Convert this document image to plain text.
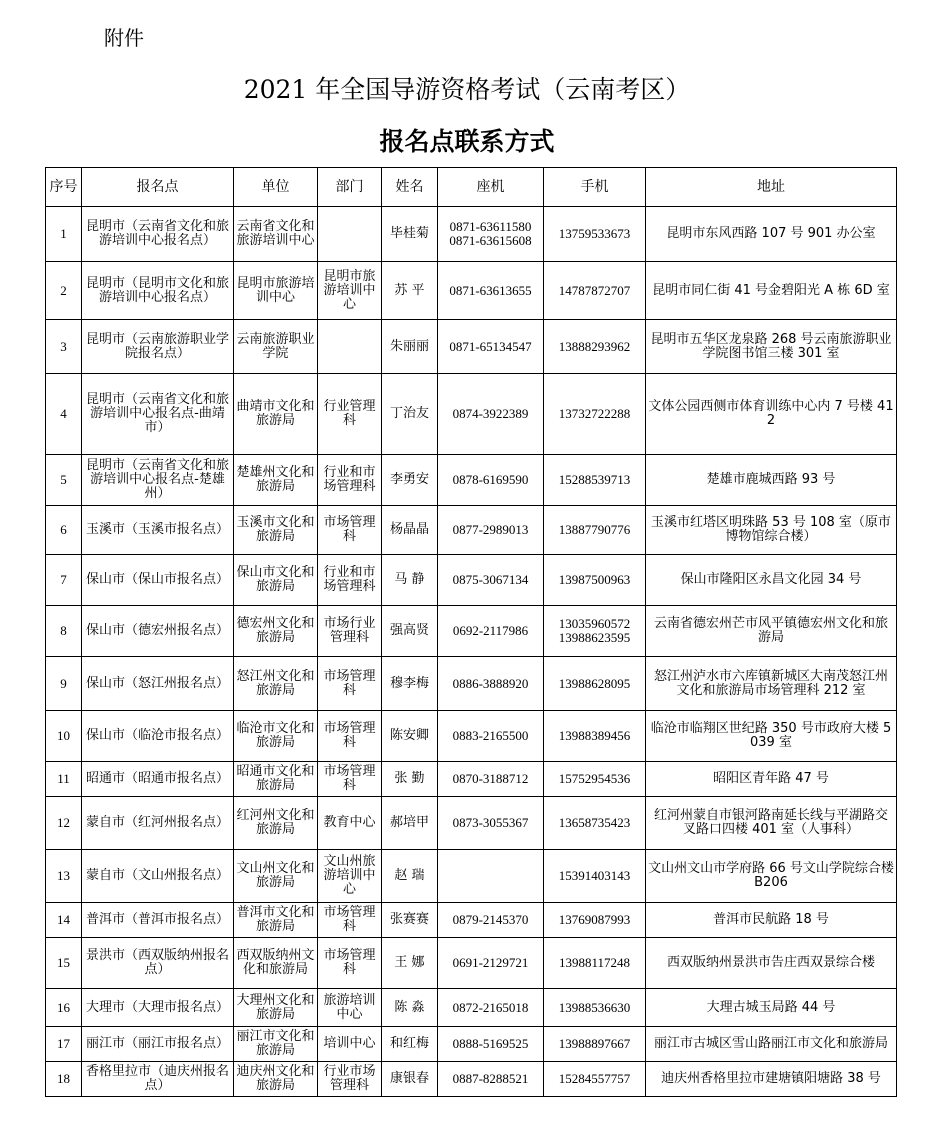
附件
2021 年全国导游资格考试（云南考区）
报名点联系方式
序号	报名点	单位	部门	姓名	座机	手机	地址
1	昆明市（云南省文化和旅游培训中心报名点）	云南省文化和旅游培训中心		毕桂菊	0871-63611580 0871-63615608	13759533673	昆明市东风西路 107 号 901 办公室
2	昆明市（昆明市文化和旅游培训中心报名点）	昆明市旅游培训中心	昆明市旅游培训中心	苏 平	0871-63613655	14787872707	昆明市同仁街 41 号金碧阳光 A 栋 6D 室
3	昆明市（云南旅游职业学院报名点）	云南旅游职业学院		朱丽丽	0871-65134547	13888293962	昆明市五华区龙泉路 268 号云南旅游职业学院图书馆三楼 301 室
4	昆明市（云南省文化和旅游培训中心报名点-曲靖市）	曲靖市文化和旅游局	行业管理科	丁治友	0874-3922389	13732722288	文体公园西侧市体育训练中心内 7 号楼 412
5	昆明市（云南省文化和旅游培训中心报名点-楚雄州）	楚雄州文化和旅游局	行业和市场管理科	李勇安	0878-6169590	15288539713	楚雄市鹿城西路 93 号
6	玉溪市（玉溪市报名点）	玉溪市文化和旅游局	市场管理科	杨晶晶	0877-2989013	13887790776	玉溪市红塔区明珠路 53 号 108 室（原市博物馆综合楼）
7	保山市（保山市报名点）	保山市文化和旅游局	行业和市场管理科	马 静	0875-3067134	13987500963	保山市隆阳区永昌文化园 34 号
8	保山市（德宏州报名点）	德宏州文化和旅游局	市场行业管理科	强高贤	0692-2117986	13035960572 13988623595	云南省德宏州芒市风平镇德宏州文化和旅游局
9	保山市（怒江州报名点）	怒江州文化和旅游局	市场管理科	穆李梅	0886-3888920	13988628095	怒江州泸水市六库镇新城区大南茂怒江州文化和旅游局市场管理科 212 室
10	保山市（临沧市报名点）	临沧市文化和旅游局	市场管理科	陈安卿	0883-2165500	13988389456	临沧市临翔区世纪路 350 号市政府大楼 5039 室
11	昭通市（昭通市报名点）	昭通市文化和旅游局	市场管理科	张 勤	0870-3188712	15752954536	昭阳区青年路 47 号
12	蒙自市（红河州报名点）	红河州文化和旅游局	教育中心	郝培甲	0873-3055367	13658735423	红河州蒙自市银河路南延长线与平湖路交叉路口四楼 401 室（人事科）
13	蒙自市（文山州报名点）	文山州文化和旅游局	文山州旅游培训中心	赵 瑞		15391403143	文山州文山市学府路 66 号文山学院综合楼 B206
14	普洱市（普洱市报名点）	普洱市文化和旅游局	市场管理科	张赛赛	0879-2145370	13769087993	普洱市民航路 18 号
15	景洪市（西双版纳州报名点）	西双版纳州文化和旅游局	市场管理科	王 娜	0691-2129721	13988117248	西双版纳州景洪市告庄西双景综合楼
16	大理市（大理市报名点）	大理州文化和旅游局	旅游培训中心	陈 淼	0872-2165018	13988536630	大理古城玉局路 44 号
17	丽江市（丽江市报名点）	丽江市文化和旅游局	培训中心	和红梅	0888-5169525	13988897667	丽江市古城区雪山路丽江市文化和旅游局
18	香格里拉市（迪庆州报名点）	迪庆州文化和旅游局	行业市场管理科	康银春	0887-8288521	15284557757	迪庆州香格里拉市建塘镇阳塘路 38 号
